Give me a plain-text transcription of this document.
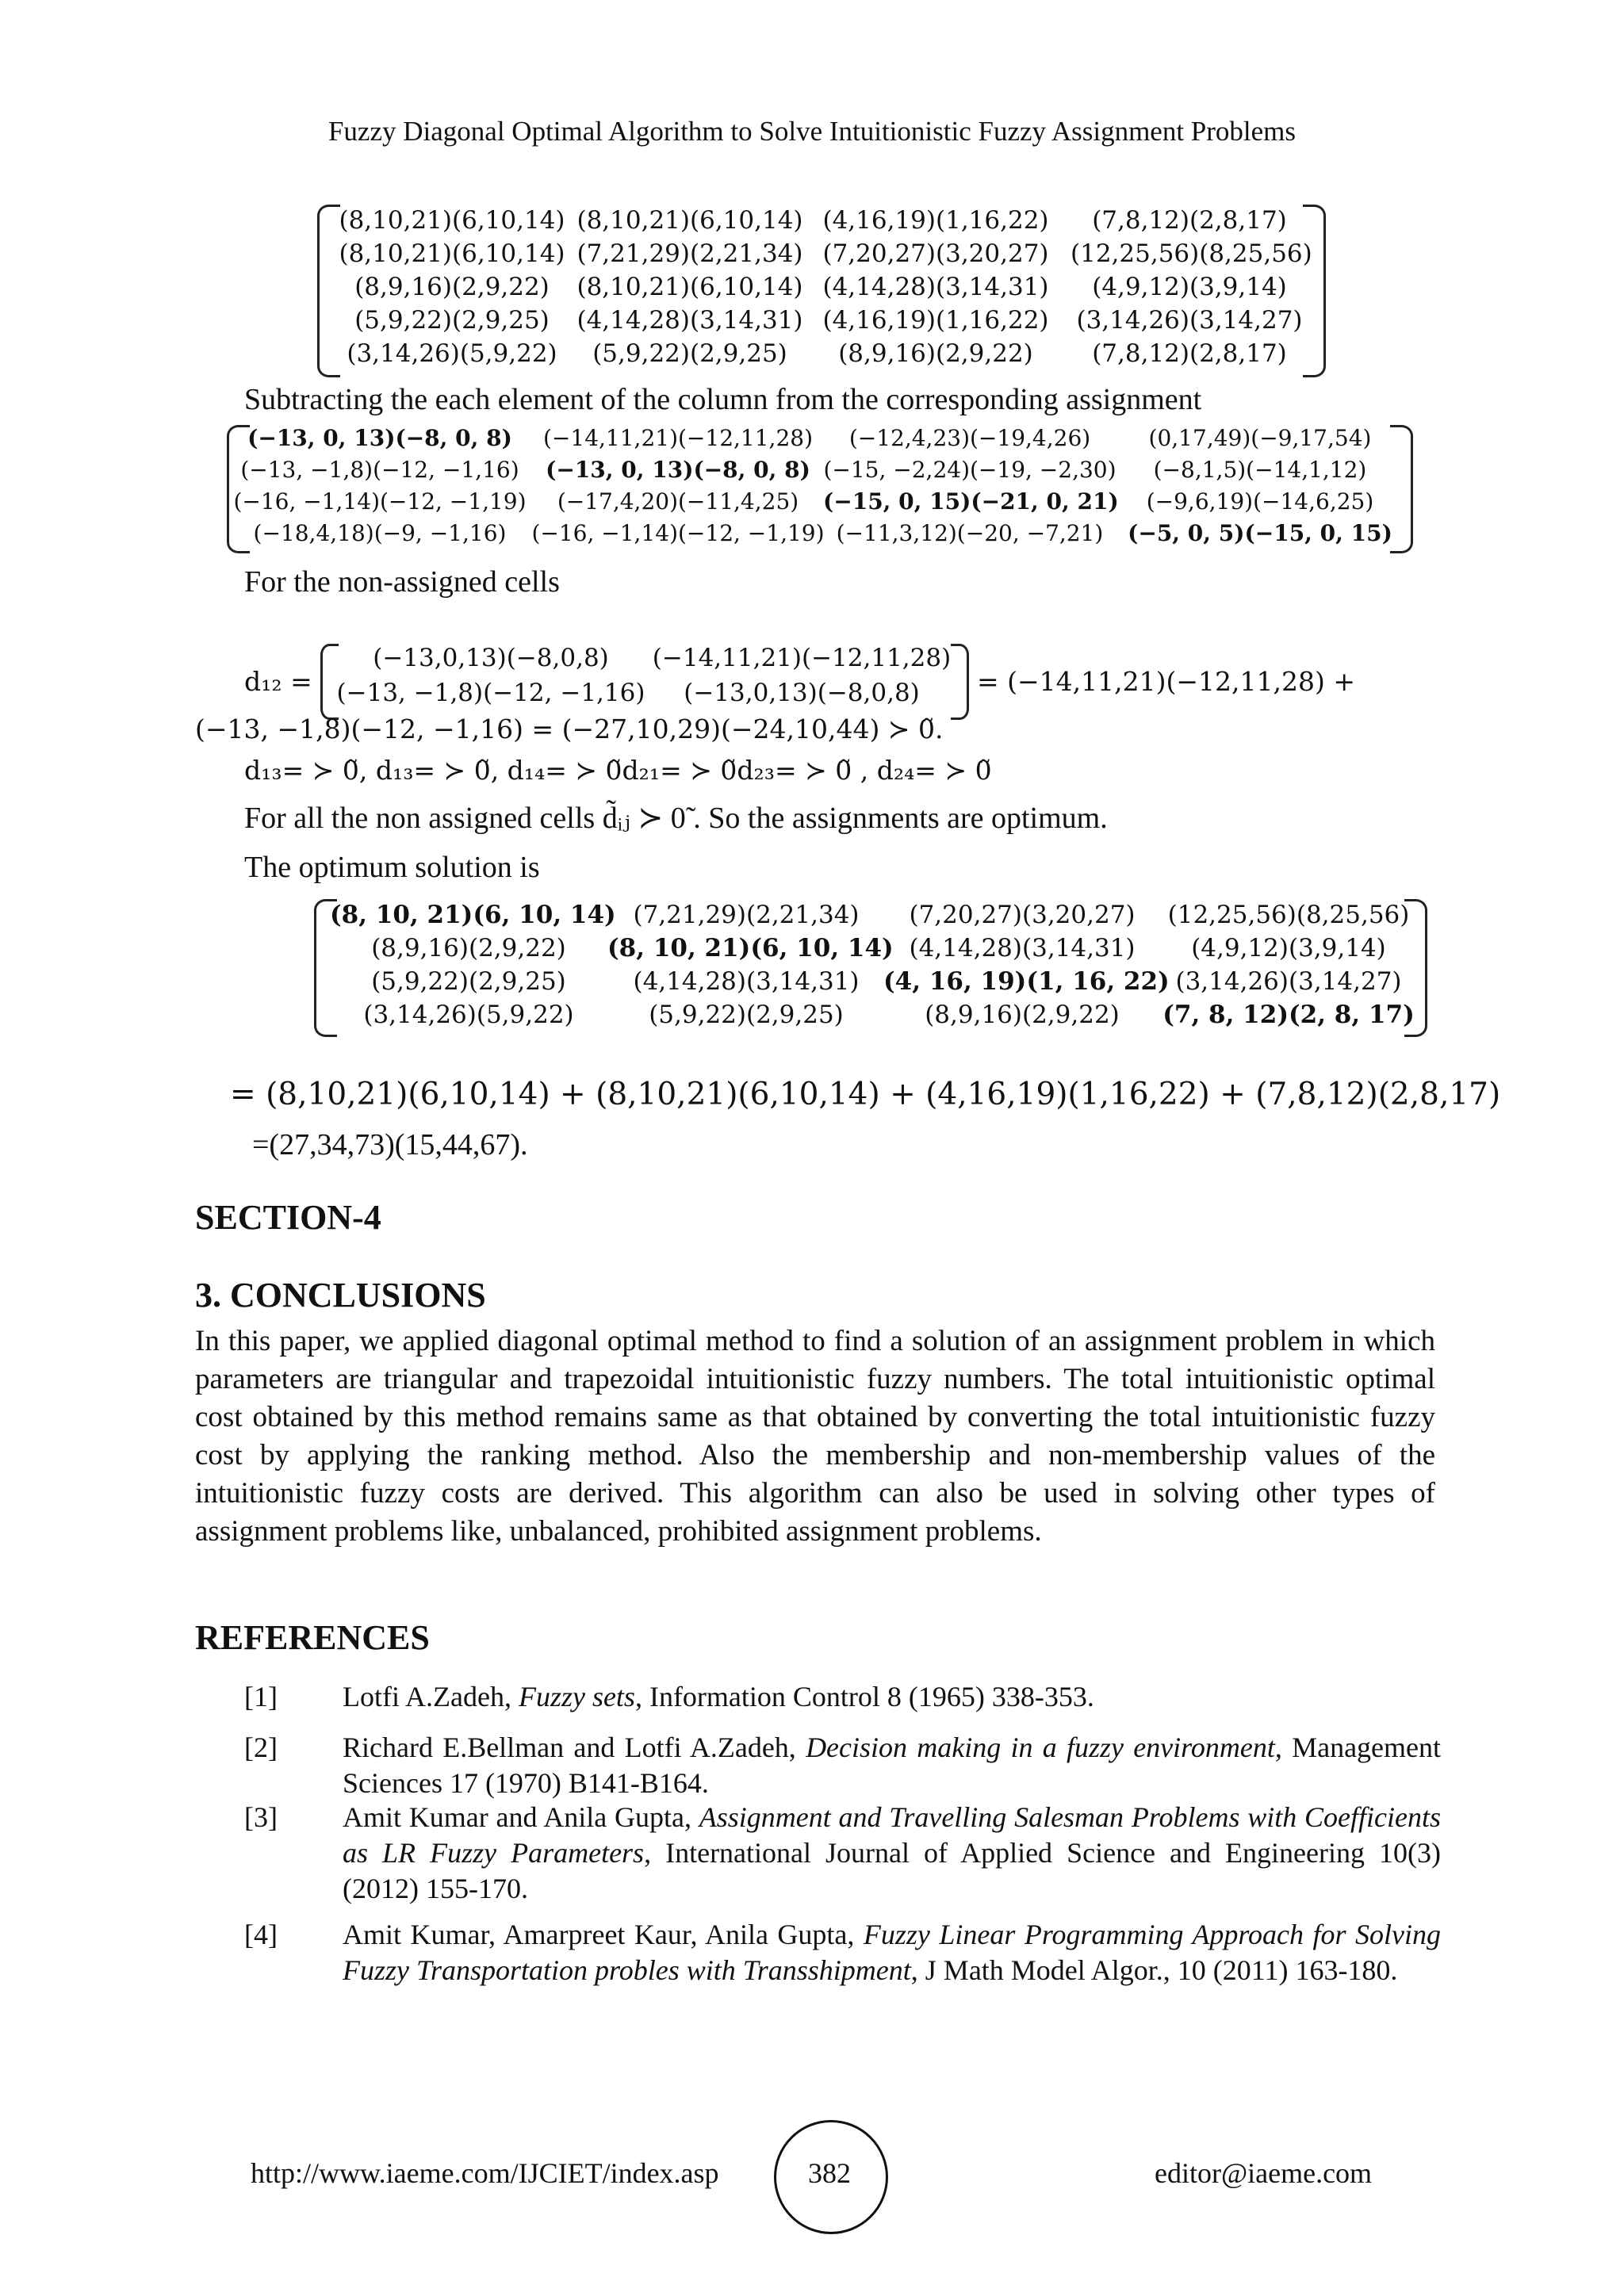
Fuzzy Diagonal Optimal Algorithm to Solve Intuitionistic Fuzzy Assignment Problems
(8,10,21)(6,10,14) (8,10,21)(6,10,14) (4,16,19)(1,16,22)	(7,8,12)(2,8,17)
(8,10,21)(6,10,14) (7,21,29)(2,21,34) (7,20,27)(3,20,27) (12,25,56)(8,25,56)
(8,9,16)(2,9,22)	(8,10,21)(6,10,14) (4,14,28)(3,14,31)	(4,9,12)(3,9,14)
(5,9,22)(2,9,25)	(4,14,28)(3,14,31) (4,16,19)(1,16,22) (3,14,26)(3,14,27)
(3,14,26)(5,9,22)	(5,9,22)(2,9,25)	(8,9,16)(2,9,22)	(7,8,12)(2,8,17)
Subtracting the each element of the column from the corresponding assignment
(−13, 0, 13)(−8, 0, 8)	(−14,11,21)(−12,11,28)	(−12,4,23)(−19,4,26)	(0,17,49)(−9,17,54)
(−13, −1,8)(−12, −1,16)	(−13, 0, 13)(−8, 0, 8) (−15, −2,24)(−19, −2,30)	(−8,1,5)(−14,1,12)
(−16, −1,14)(−12, −1,19)	(−17,4,20)(−11,4,25)	(−15, 0, 15)(−21, 0, 21)	(−9,6,19)(−14,6,25)
(−18,4,18)(−9, −1,16)	(−16, −1,14)(−12, −1,19) (−11,3,12)(−20, −7,21)	(−5, 0, 5)(−15, 0, 15)
For the non-assigned cells
d₁₂ =
(−13,0,13)(−8,0,8)	(−14,11,21)(−12,11,28)
(−13, −1,8)(−12, −1,16)	(−13,0,13)(−8,0,8)	= (−14,11,21)(−12,11,28) +
(−13, −1,8)(−12, −1,16) = (−27,10,29)(−24,10,44) ≻ 0̃.
d₁₃= ≻ 0̃, d₁₃= ≻ 0̃, d₁₄= ≻ 0̃d₂₁= ≻ 0̃d₂₃= ≻ 0̃ , d₂₄= ≻ 0̃
For all the non assigned cells d̃ᵢⱼ ≻ 0̃ . So the assignments are optimum.
The optimum solution is
(8, 10, 21)(6, 10, 14) (7,21,29)(2,21,34)	(7,20,27)(3,20,27)	(12,25,56)(8,25,56)
(8,9,16)(2,9,22)	(8, 10, 21)(6, 10, 14) (4,14,28)(3,14,31)	(4,9,12)(3,9,14)
(5,9,22)(2,9,25)	(4,14,28)(3,14,31) (4, 16, 19)(1, 16, 22) (3,14,26)(3,14,27)
(3,14,26)(5,9,22)	(5,9,22)(2,9,25)	(8,9,16)(2,9,22)	(7, 8, 12)(2, 8, 17)
= (8,10,21)(6,10,14) + (8,10,21)(6,10,14) + (4,16,19)(1,16,22) + (7,8,12)(2,8,17)
=(27,34,73)(15,44,67).
SECTION-4
3. CONCLUSIONS
In this paper, we applied diagonal optimal method to find a solution of an assignment problem in which parameters are triangular and trapezoidal intuitionistic fuzzy numbers. The total intuitionistic optimal cost obtained by this method remains same as that obtained by converting the total intuitionistic fuzzy cost by applying the ranking method. Also the membership and non-membership values of the intuitionistic fuzzy costs are derived. This algorithm can also be used in solving other types of assignment problems like, unbalanced, prohibited assignment problems.
REFERENCES
[1] Lotfi A.Zadeh, Fuzzy sets, Information Control 8 (1965) 338-353.
[2] Richard E.Bellman and Lotfi A.Zadeh, Decision making in a fuzzy environment, Management Sciences 17 (1970) B141-B164.
[3] Amit Kumar and Anila Gupta, Assignment and Travelling Salesman Problems with Coefficients as LR Fuzzy Parameters, International Journal of Applied Science and Engineering 10(3) (2012) 155-170.
[4] Amit Kumar, Amarpreet Kaur, Anila Gupta, Fuzzy Linear Programming Approach for Solving Fuzzy Transportation probles with Transshipment, J Math Model Algor., 10 (2011) 163-180.
http://www.iaeme.com/IJCIET/index.asp	382	editor@iaeme.com
